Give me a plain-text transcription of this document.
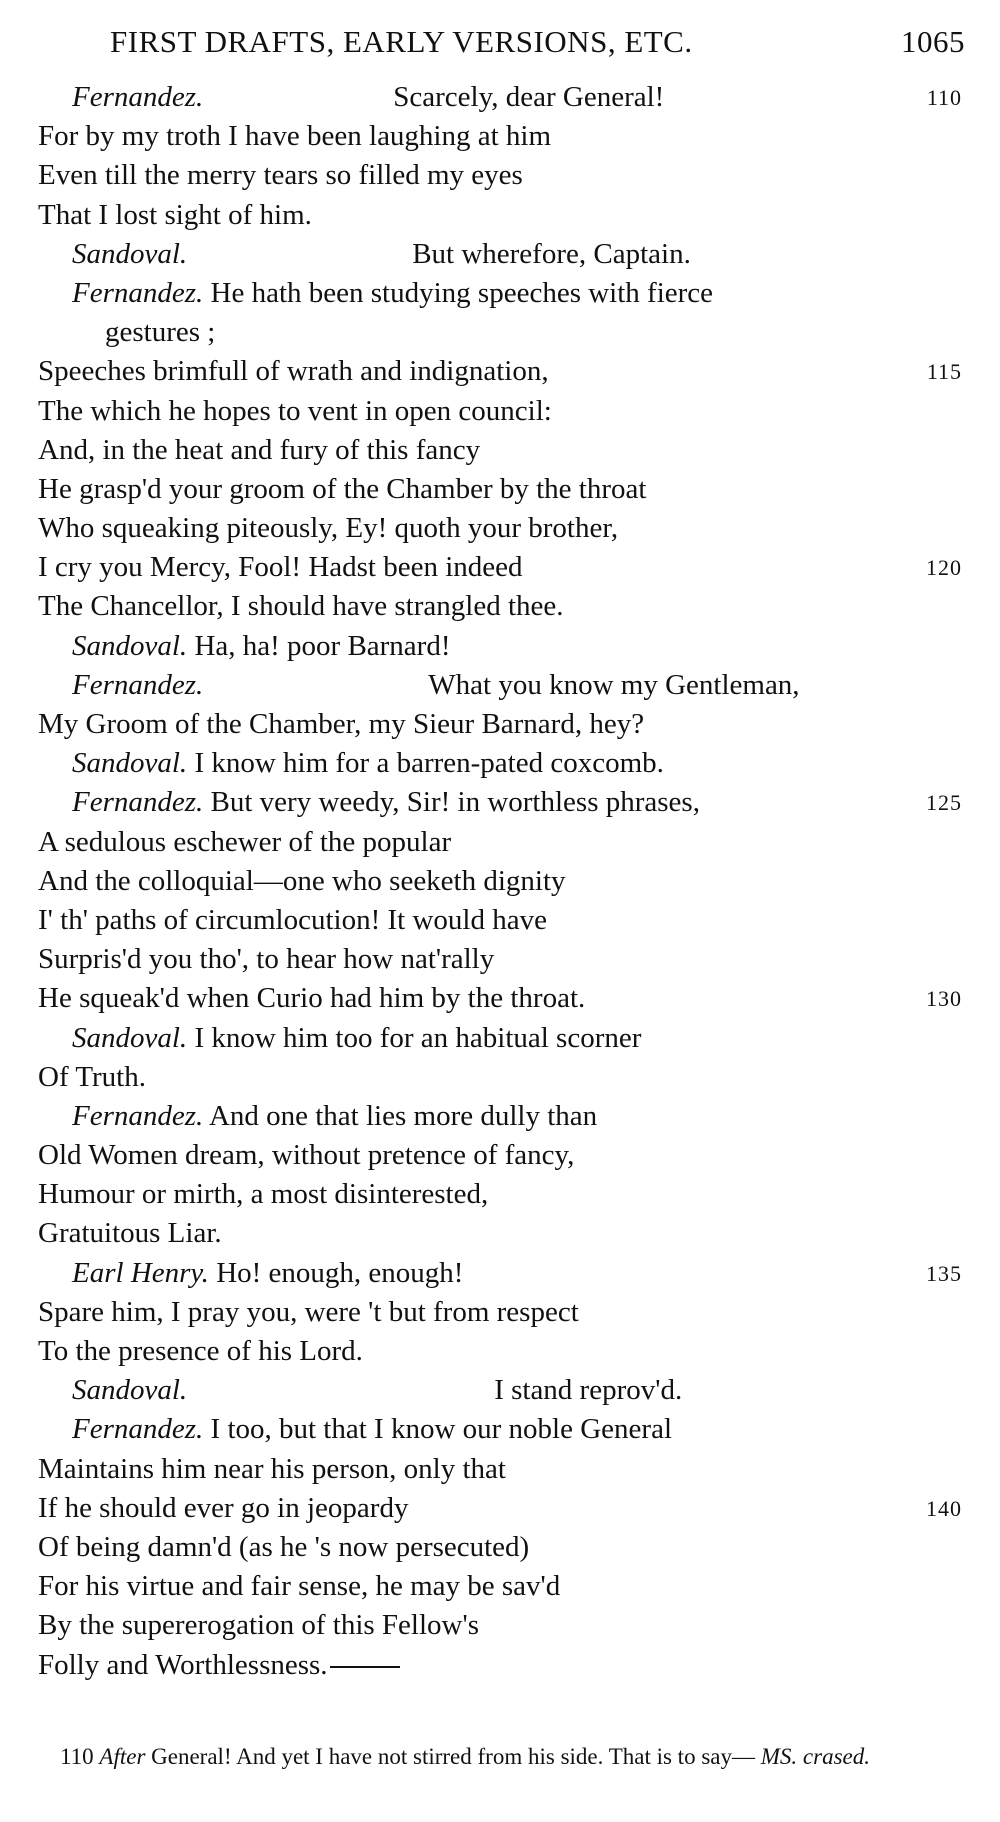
FIRST DRAFTS, EARLY VERSIONS, ETC.	1065
Fernandez.	Scarcely, dear General!	110
For by my troth I have been laughing at him
Even till the merry tears so filled my eyes
That I lost sight of him.
Sandoval.	But wherefore, Captain.
Fernandez. He hath been studying speeches with fierce
gestures ;
Speeches brimfull of wrath and indignation,	115
The which he hopes to vent in open council:
And, in the heat and fury of this fancy
He grasp'd your groom of the Chamber by the throat
Who squeaking piteously, Ey! quoth your brother,
I cry you Mercy, Fool! Hadst been indeed	120
The Chancellor, I should have strangled thee.
Sandoval. Ha, ha! poor Barnard!
Fernandez.	What you know my Gentleman,
My Groom of the Chamber, my Sieur Barnard, hey?
Sandoval. I know him for a barren-pated coxcomb.
Fernandez. But very weedy, Sir! in worthless phrases,	125
A sedulous eschewer of the popular
And the colloquial—one who seeketh dignity
I' th' paths of circumlocution! It would have
Surpris'd you tho', to hear how nat'rally
He squeak'd when Curio had him by the throat.	130
Sandoval. I know him too for an habitual scorner
Of Truth.
Fernandez. And one that lies more dully than
Old Women dream, without pretence of fancy,
Humour or mirth, a most disinterested,
Gratuitous Liar.
Earl Henry. Ho! enough, enough!	135
Spare him, I pray you, were 't but from respect
To the presence of his Lord.
Sandoval.	I stand reprov'd.
Fernandez. I too, but that I know our noble General
Maintains him near his person, only that
If he should ever go in jeopardy	140
Of being damn'd (as he 's now persecuted)
For his virtue and fair sense, he may be sav'd
By the supererogation of this Fellow's
Folly and Worthlessness.
110 After General! And yet I have not stirred from his side. That is to say— MS. crased.
